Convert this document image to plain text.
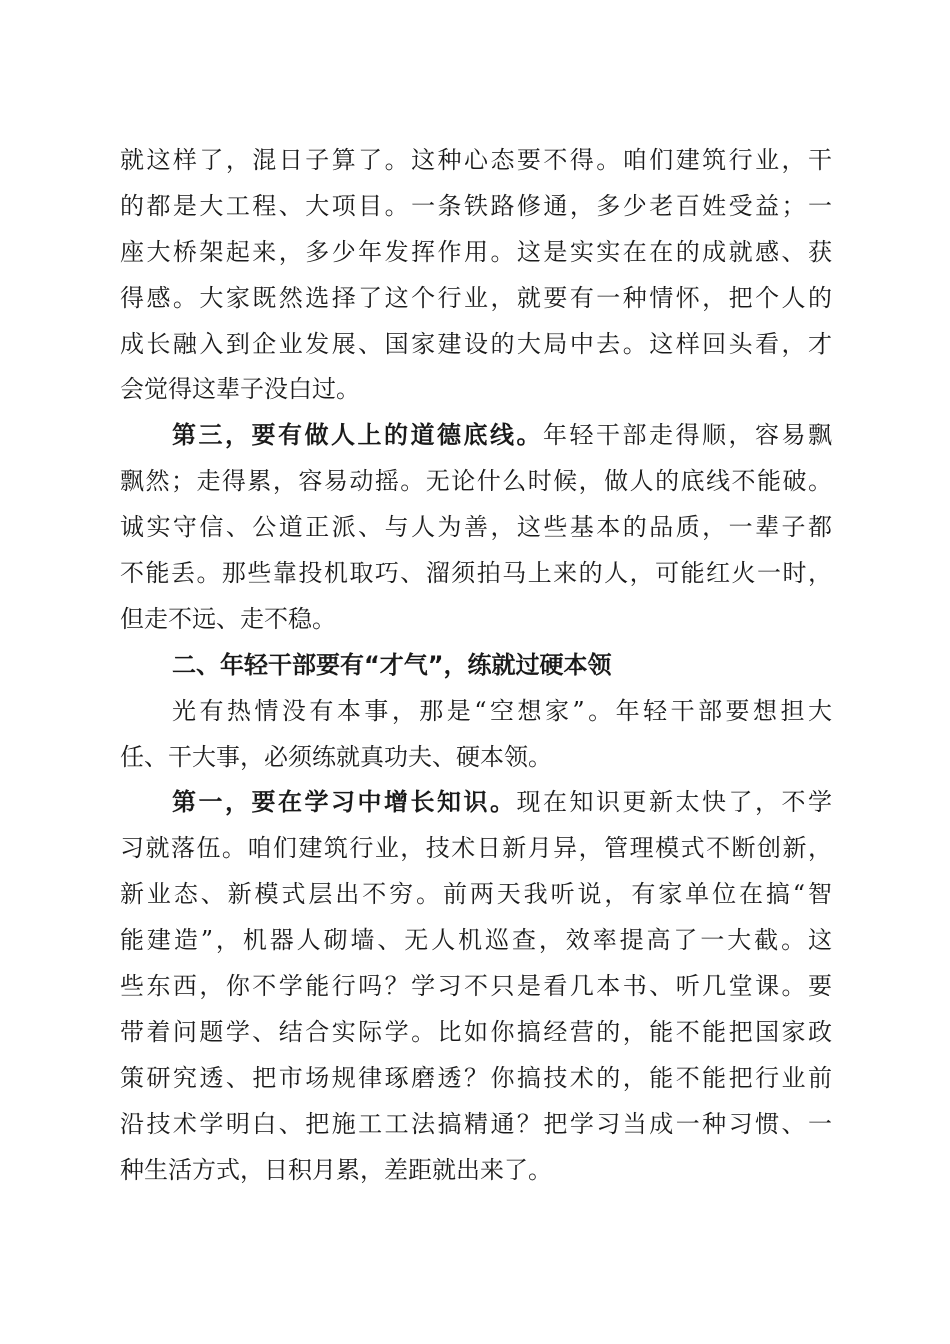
就这样了，混日子算了。这种心态要不得。咱们建筑行业，干
的都是大工程、大项目。一条铁路修通，多少老百姓受益；一
座大桥架起来，多少年发挥作用。这是实实在在的成就感、获
得感。大家既然选择了这个行业，就要有一种情怀，把个人的
成长融入到企业发展、国家建设的大局中去。这样回头看，才
会觉得这辈子没白过。
第三，要有做人上的道德底线。年轻干部走得顺，容易飘
飘然；走得累，容易动摇。无论什么时候，做人的底线不能破。
诚实守信、公道正派、与人为善，这些基本的品质，一辈子都
不能丢。那些靠投机取巧、溜须拍马上来的人，可能红火一时，
但走不远、走不稳。
二、年轻干部要有“才气”，练就过硬本领
光有热情没有本事，那是“空想家”。年轻干部要想担大
任、干大事，必须练就真功夫、硬本领。
第一，要在学习中增长知识。现在知识更新太快了，不学
习就落伍。咱们建筑行业，技术日新月异，管理模式不断创新，
新业态、新模式层出不穷。前两天我听说，有家单位在搞“智
能建造”，机器人砌墙、无人机巡查，效率提高了一大截。这
些东西，你不学能行吗？学习不只是看几本书、听几堂课。要
带着问题学、结合实际学。比如你搞经营的，能不能把国家政
策研究透、把市场规律琢磨透？你搞技术的，能不能把行业前
沿技术学明白、把施工工法搞精通？把学习当成一种习惯、一
种生活方式，日积月累，差距就出来了。
